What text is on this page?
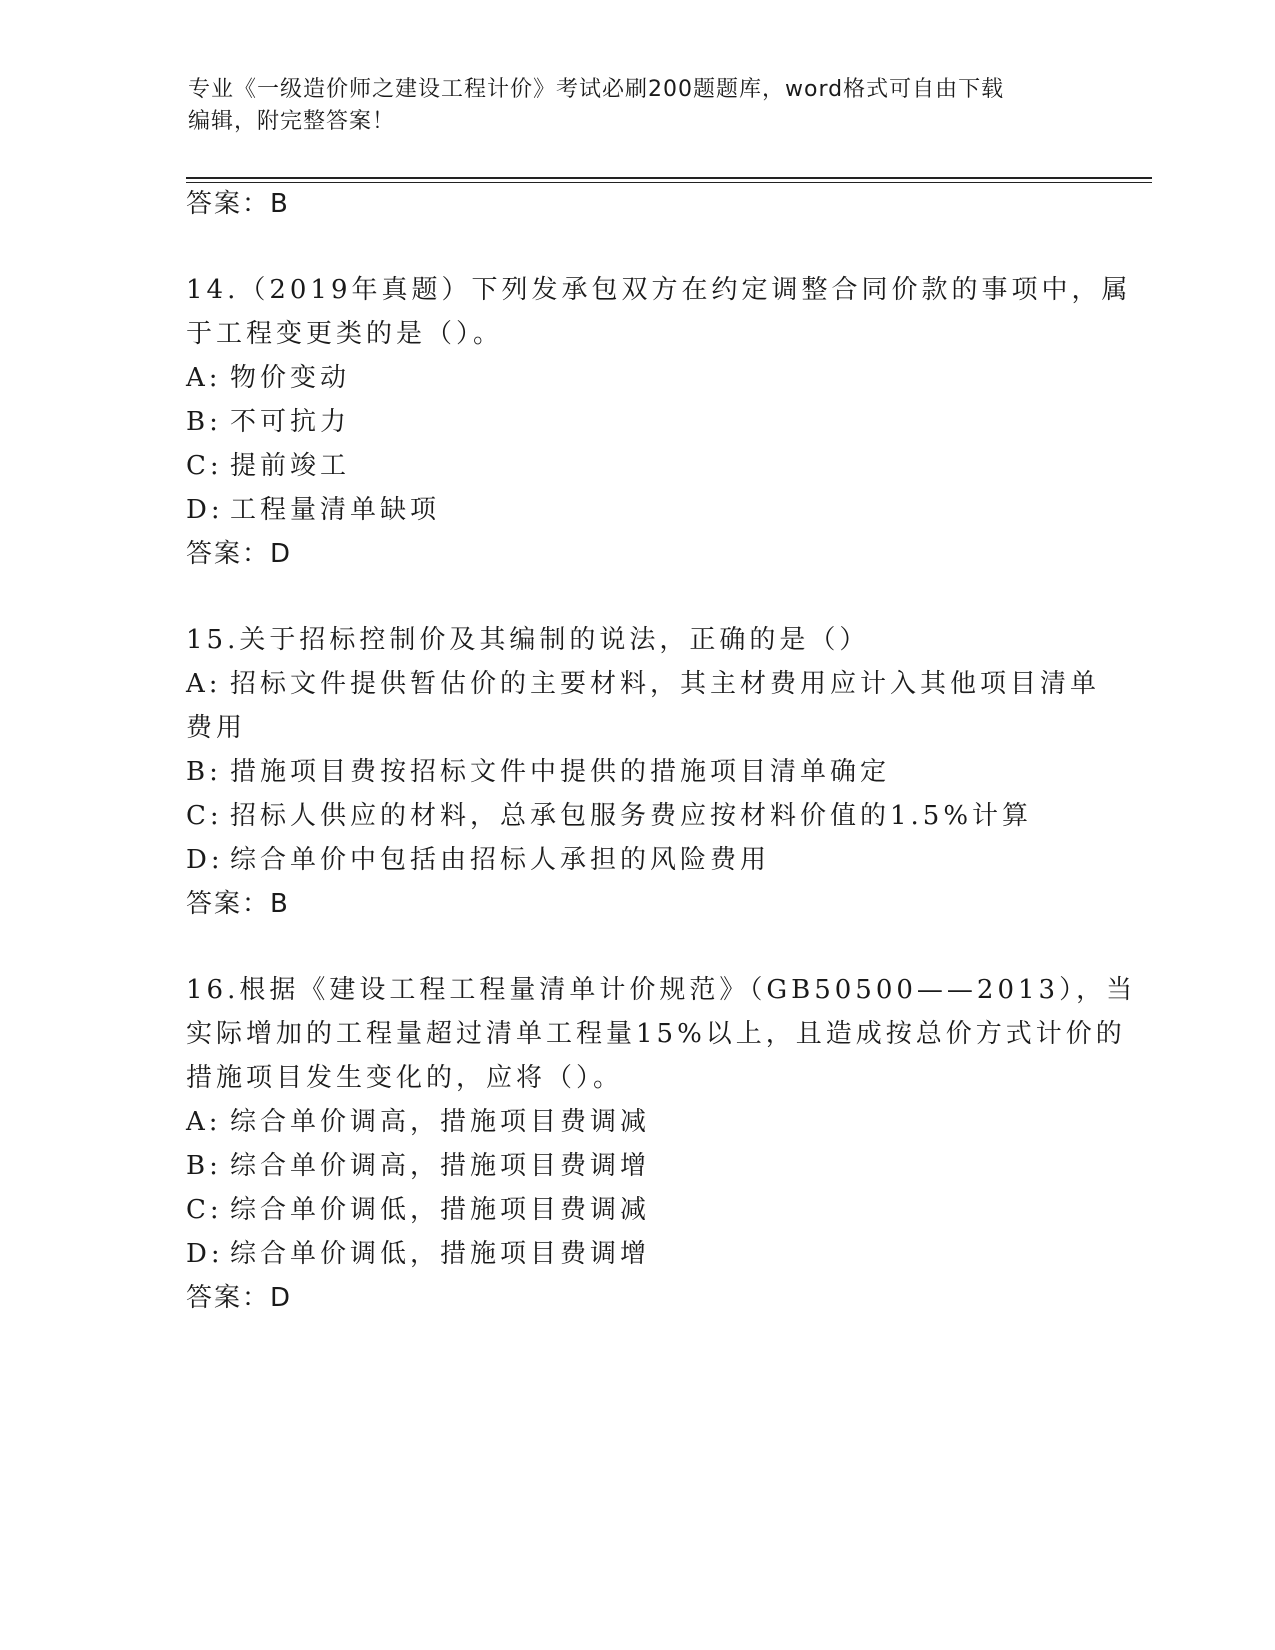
专业《一级造价师之建设工程计价》考试必刷200题题库，word格式可自由下载
编辑，附完整答案！
答案：B
14.（2019年真题）下列发承包双方在约定调整合同价款的事项中，属
于工程变更类的是（）。
A: 物价变动
B: 不可抗力
C: 提前竣工
D: 工程量清单缺项
答案：D
15.关于招标控制价及其编制的说法，正确的是（）
A: 招标文件提供暂估价的主要材料，其主材费用应计入其他项目清单
费用
B: 措施项目费按招标文件中提供的措施项目清单确定
C: 招标人供应的材料，总承包服务费应按材料价值的1.5%计算
D: 综合单价中包括由招标人承担的风险费用
答案：B
16.根据《建设工程工程量清单计价规范》（GB50500——2013），当
实际增加的工程量超过清单工程量15%以上，且造成按总价方式计价的
措施项目发生变化的，应将（）。
A: 综合单价调高，措施项目费调减
B: 综合单价调高，措施项目费调增
C: 综合单价调低，措施项目费调减
D: 综合单价调低，措施项目费调增
答案：D
